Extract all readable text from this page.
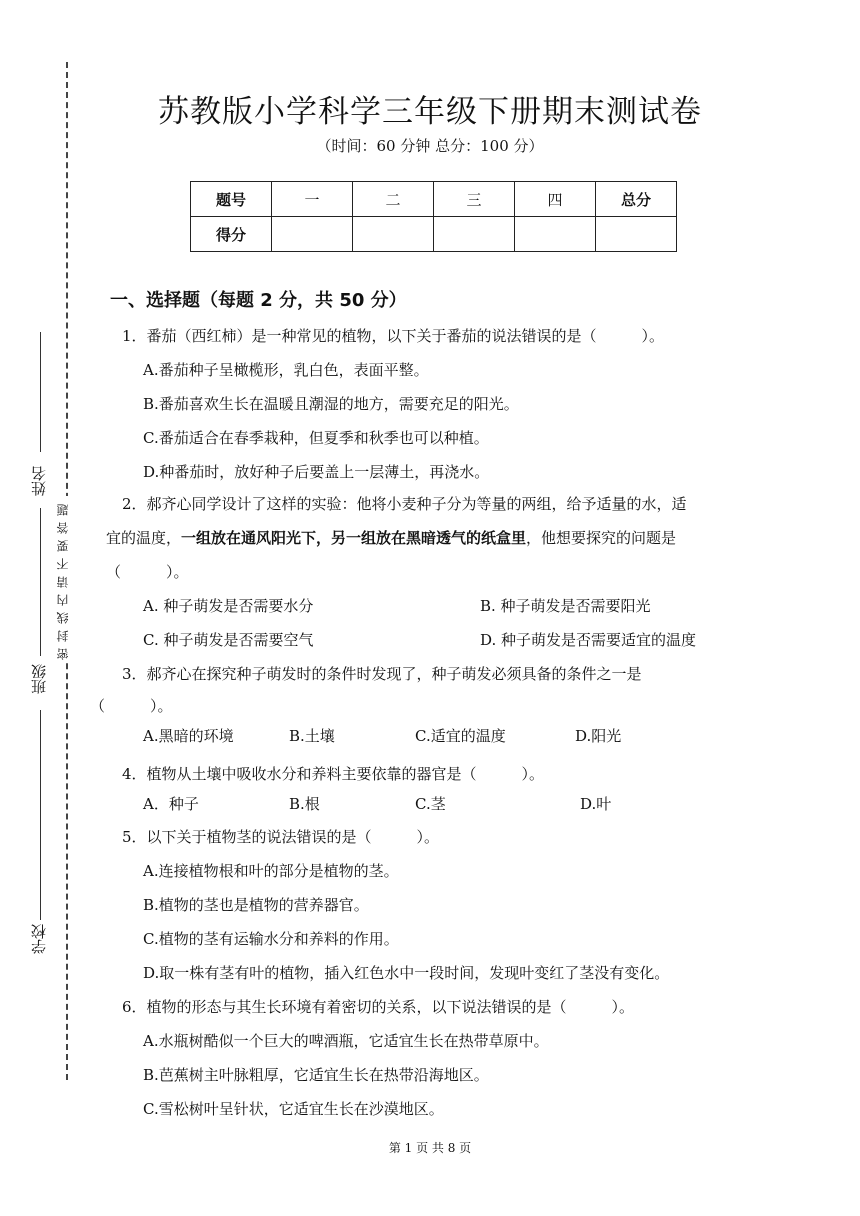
姓名
班级
学校
密封线内请不要答题
苏教版小学科学三年级下册期末测试卷
（时间：60 分钟 总分：100 分）
题号	一	二	三	四	总分
得分					
一、选择题（每题 2 分，共 50 分）
1．番茄（西红柿）是一种常见的植物，以下关于番茄的说法错误的是（　　　）。
A.番茄种子呈橄榄形，乳白色，表面平整。
B.番茄喜欢生长在温暖且潮湿的地方，需要充足的阳光。
C.番茄适合在春季栽种，但夏季和秋季也可以种植。
D.种番茄时，放好种子后要盖上一层薄土，再浇水。
2．郝齐心同学设计了这样的实验：他将小麦种子分为等量的两组，给予适量的水，适
宜的温度，一组放在通风阳光下，另一组放在黑暗透气的纸盒里，他想要探究的问题是
（　　　）。
A. 种子萌发是否需要水分	B. 种子萌发是否需要阳光
C. 种子萌发是否需要空气	D. 种子萌发是否需要适宜的温度
3．郝齐心在探究种子萌发时的条件时发现了，种子萌发必须具备的条件之一是
（　　　）。
A.黑暗的环境	B.土壤	C.适宜的温度	D.阳光
4．植物从土壤中吸收水分和养料主要依靠的器官是（　　　）。
A．种子	B.根	C.茎	D.叶
5．以下关于植物茎的说法错误的是（　　　）。
A.连接植物根和叶的部分是植物的茎。
B.植物的茎也是植物的营养器官。
C.植物的茎有运输水分和养料的作用。
D.取一株有茎有叶的植物，插入红色水中一段时间，发现叶变红了茎没有变化。
6．植物的形态与其生长环境有着密切的关系，以下说法错误的是（　　　）。
A.水瓶树酷似一个巨大的啤酒瓶，它适宜生长在热带草原中。
B.芭蕉树主叶脉粗厚，它适宜生长在热带沿海地区。
C.雪松树叶呈针状，它适宜生长在沙漠地区。
第 1 页 共 8 页
